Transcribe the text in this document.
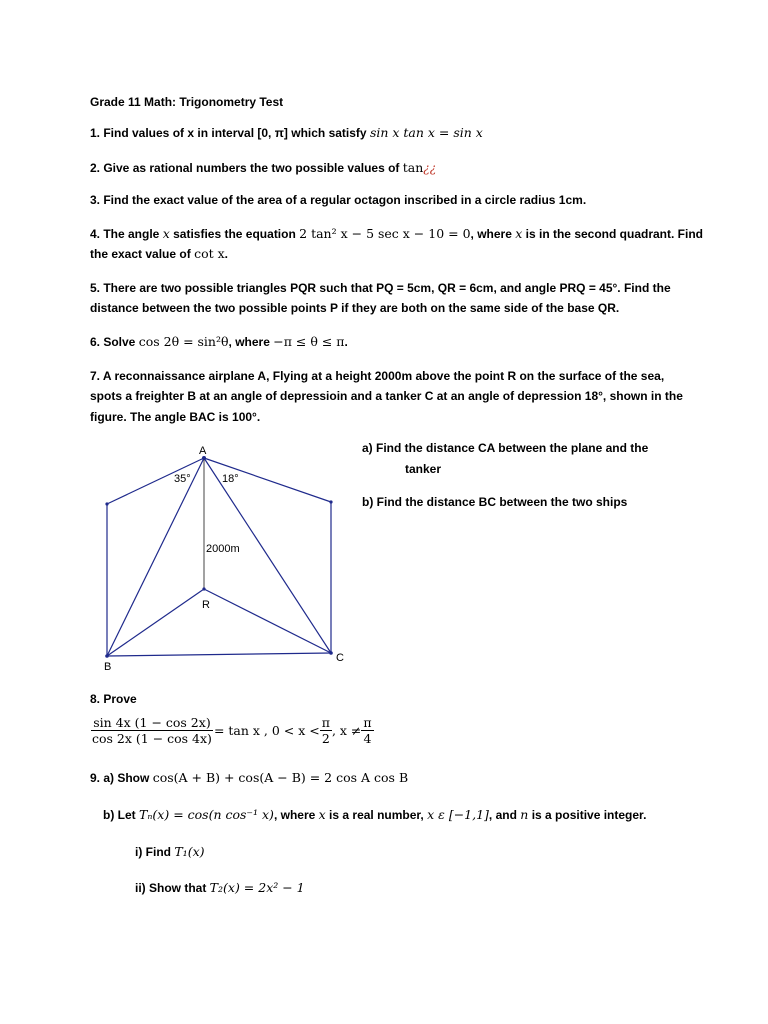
Grade 11 Math: Trigonometry Test
1. Find values of x in interval [0, π] which satisfy sin x tan x = sin x
2. Give as rational numbers the two possible values of tan¿¿
3. Find the exact value of the area of a regular octagon inscribed in a circle radius 1cm.
4. The angle x satisfies the equation 2 tan² x − 5 sec x − 10 = 0, where x is in the second quadrant. Find
the exact value of cot x.
5. There are two possible triangles PQR such that PQ = 5cm, QR = 6cm, and angle PRQ = 45°. Find the
distance between the two possible points P if they are both on the same side of the base QR.
6. Solve cos 2θ = sin²θ, where −π ≤ θ ≤ π.
7. A reconnaissance airplane A, Flying at a height 2000m above the point R on the surface of the sea,
spots a freighter B at an angle of depressioin and a tanker C at an angle of depression 18°, shown in the
figure. The angle BAC is 100°.
a) Find the distance CA between the plane and the
tanker
b) Find the distance BC between the two ships
A
B
C
R
35°	18°
2000m
8. Prove
$\frac{\sin 4x (1 - \cos 2x)}{\cos 2x (1 - \cos 4x)} = \tan x$ , $0 < x < \frac{\pi}{2}$ , $x \ne \frac{\pi}{4}$
9. a) Show cos(A + B) + cos(A − B) = 2 cos A cos B
b) Let Tₙ(x) = cos(n cos⁻¹ x), where x is a real number, x ε [−1,1], and n is a positive integer.
i) Find T₁(x)
ii) Show that T₂(x) = 2x² − 1
